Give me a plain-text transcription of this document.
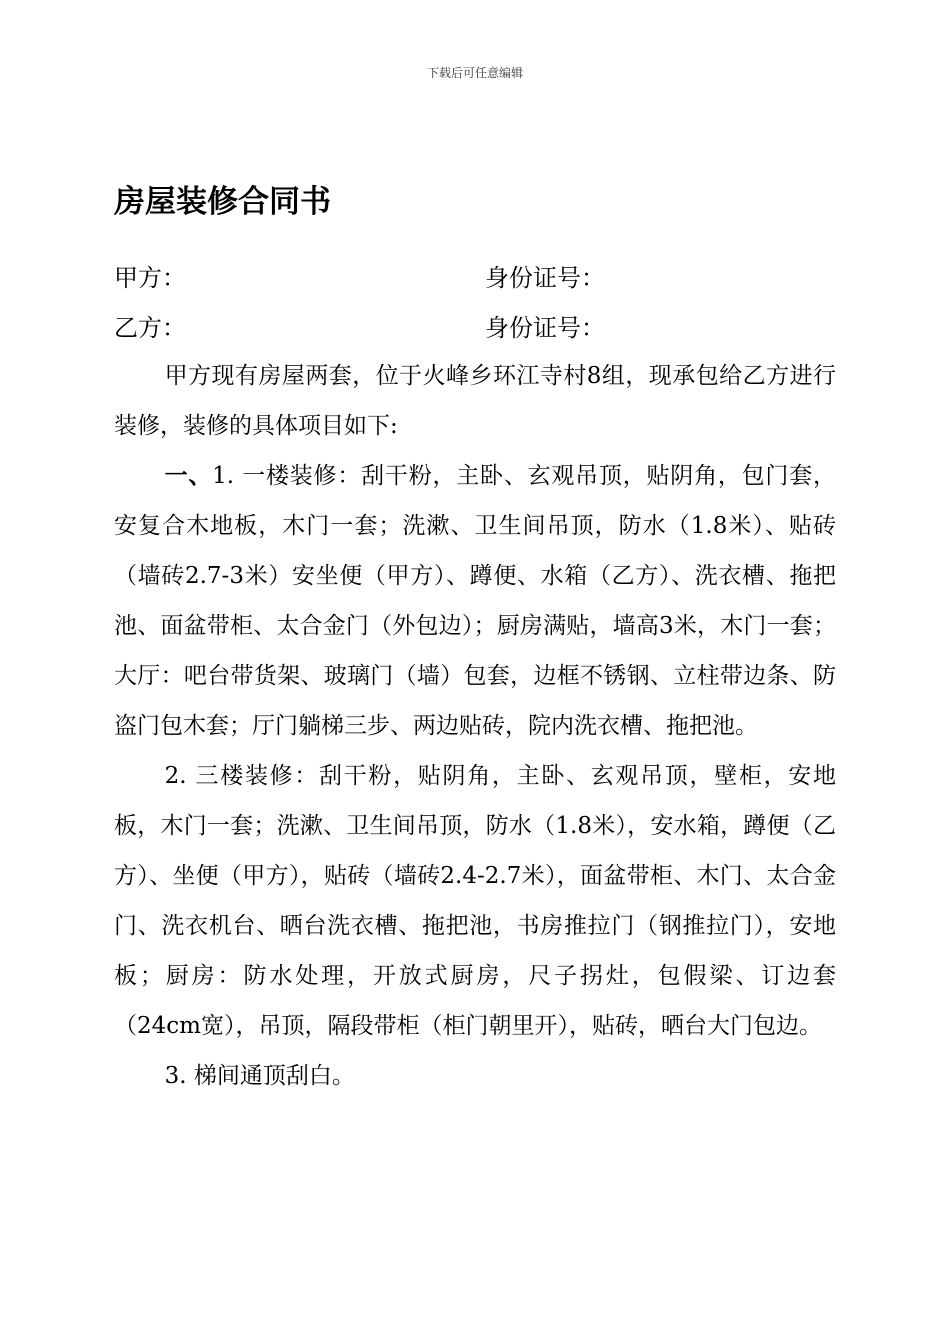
下载后可任意编辑
房屋装修合同书
甲方：	身份证号：
乙方：	身份证号：

甲方现有房屋两套，位于火峰乡环江寺村8组，现承包给乙方进行装修，装修的具体项目如下:

一、1. 一楼装修：刮干粉，主卧、玄观吊顶，贴阴角，包门套，安复合木地板，木门一套；洗漱、卫生间吊顶，防水（1.8米）、贴砖（墙砖2.7-3米）安坐便（甲方）、蹲便、水箱（乙方）、洗衣槽、拖把池、面盆带柜、太合金门（外包边）；厨房满贴，墙高3米，木门一套；大厅：吧台带货架、玻璃门（墙）包套，边框不锈钢、立柱带边条、防盗门包木套；厅门躺梯三步、两边贴砖，院内洗衣槽、拖把池。

2. 三楼装修：刮干粉，贴阴角，主卧、玄观吊顶，壁柜，安地板，木门一套；洗漱、卫生间吊顶，防水（1.8米），安水箱，蹲便（乙方）、坐便（甲方），贴砖（墙砖2.4-2.7米），面盆带柜、木门、太合金门、洗衣机台、晒台洗衣槽、拖把池，书房推拉门（钢推拉门），安地板；厨房：防水处理，开放式厨房，尺子拐灶，包假梁、订边套（24cm宽），吊顶，隔段带柜（柜门朝里开），贴砖，晒台大门包边。

3. 梯间通顶刮白。
